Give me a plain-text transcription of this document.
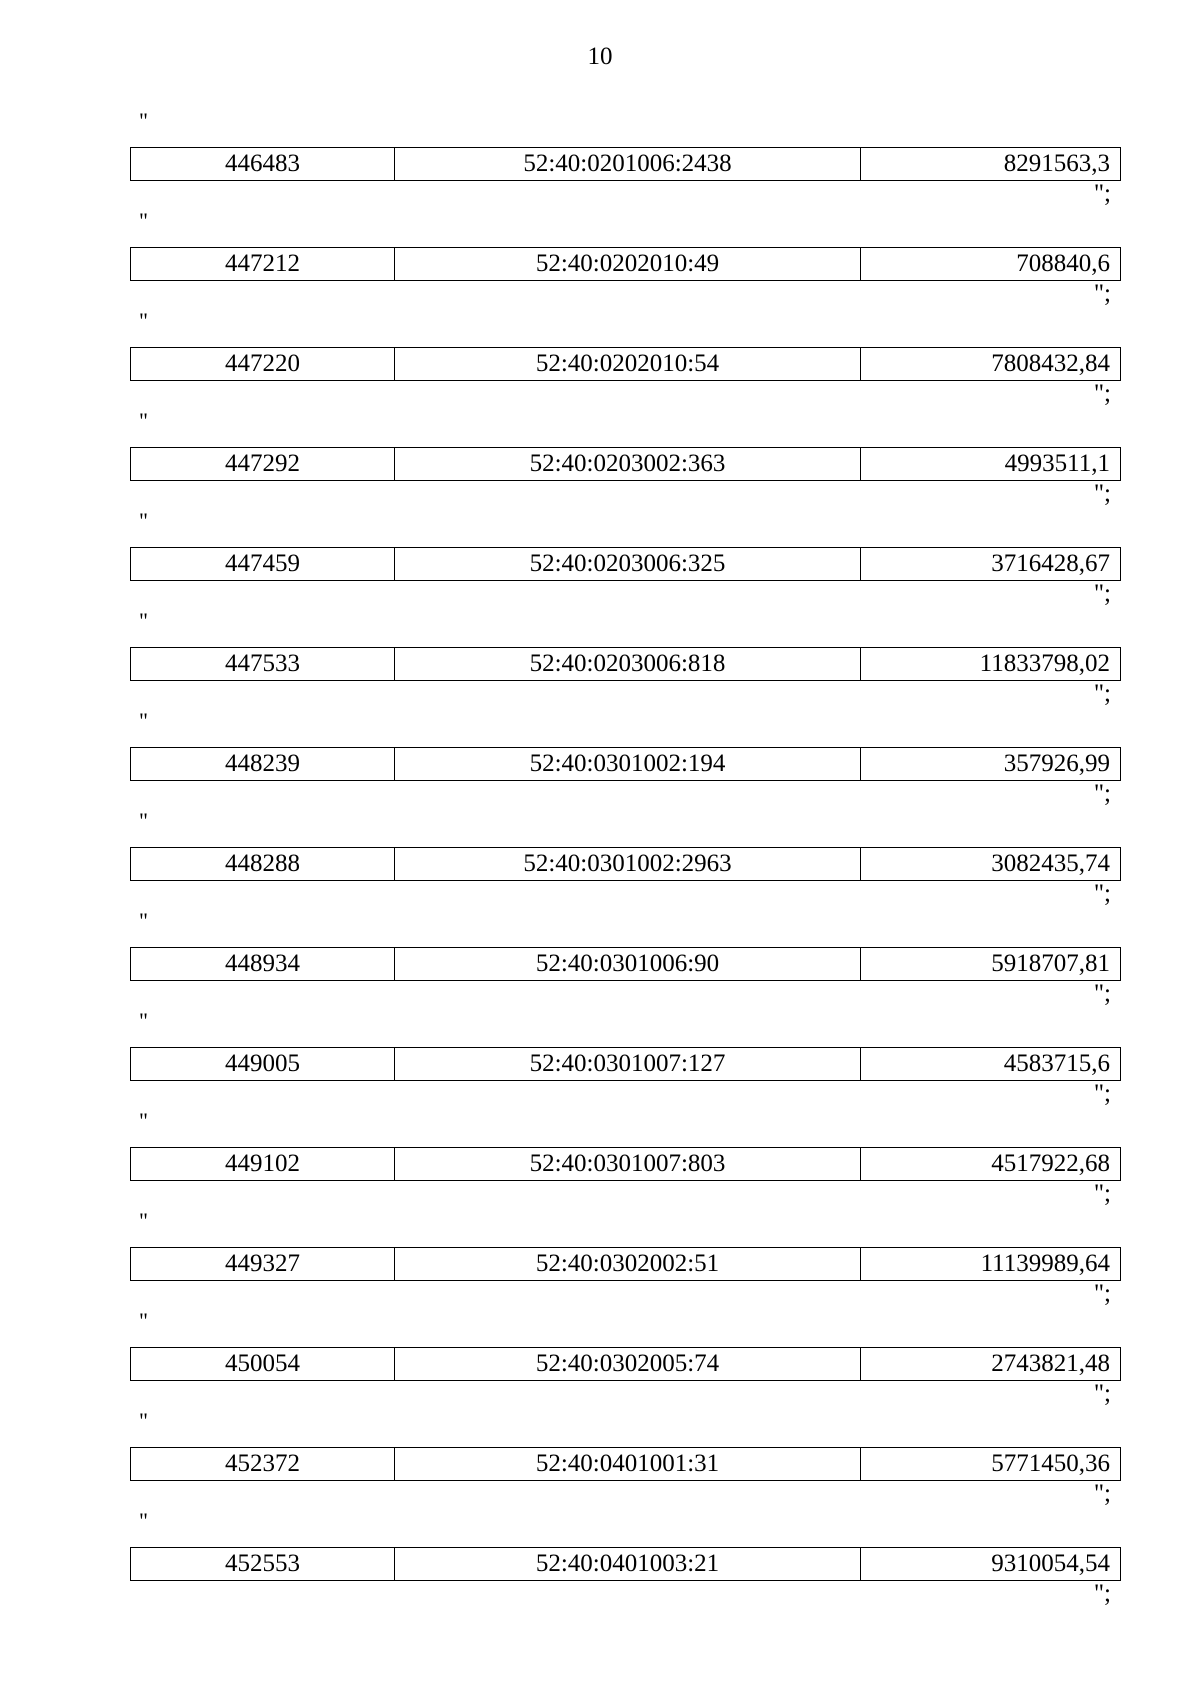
10
"
446483	52:40:0201006:2438	8291563,3
";
"
447212	52:40:0202010:49	708840,6
";
"
447220	52:40:0202010:54	7808432,84
";
"
447292	52:40:0203002:363	4993511,1
";
"
447459	52:40:0203006:325	3716428,67
";
"
447533	52:40:0203006:818	11833798,02
";
"
448239	52:40:0301002:194	357926,99
";
"
448288	52:40:0301002:2963	3082435,74
";
"
448934	52:40:0301006:90	5918707,81
";
"
449005	52:40:0301007:127	4583715,6
";
"
449102	52:40:0301007:803	4517922,68
";
"
449327	52:40:0302002:51	11139989,64
";
"
450054	52:40:0302005:74	2743821,48
";
"
452372	52:40:0401001:31	5771450,36
";
"
452553	52:40:0401003:21	9310054,54
";
